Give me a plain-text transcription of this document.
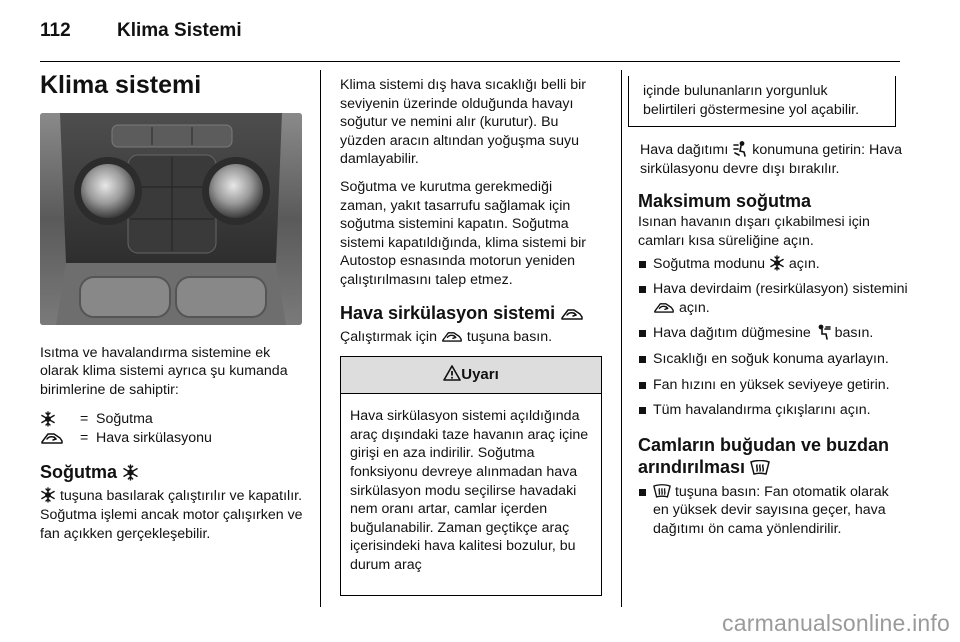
112 Klima Sistemi
Klima sistemi

Isıtma ve havalandırma sistemine ek olarak klima sistemi ayrıca şu kumanda birimlerine de sahiptir:

= Soğutma
= Hava sirkülasyonu
Soğutma

tuşuna basılarak çalıştırılır ve kapatılır. Soğutma işlemi ancak motor çalışırken ve fan açıkken gerçekleşebilir.

Klima sistemi dış hava sıcaklığı belli bir seviyenin üzerinde olduğunda havayı soğutur ve nemini alır (kurutur). Bu yüzden aracın altından yoğuşma suyu damlayabilir.

Soğutma ve kurutma gerekmediği zaman, yakıt tasarrufu sağlamak için soğutma sistemini kapatın. Soğutma sistemi kapatıldığında, klima sistemi bir Autostop esnasında motorun yeniden çalıştırılmasını talep etmez.

Hava sirkülasyon sistemi

Çalıştırmak için tuşuna basın.

Uyarı
Hava sirkülasyon sistemi açıldığında araç dışındaki taze havanın araç içine girişi en aza indirilir. Soğutma fonksiyonu devreye alınmadan hava sirkülasyon modu seçilirse havadaki nem oranı artar, camlar içerden buğulanabilir. Zaman geçtikçe araç içerisindeki hava kalitesi bozulur, bu durum araç
içinde bulunanların yorgunluk belirtileri göstermesine yol açabilir.

Hava dağıtımı konumuna getirin: Hava sirkülasyonu devre dışı bırakılır.

Maksimum soğutma

Isınan havanın dışarı çıkabilmesi için camları kısa süreliğine açın.

Soğutma modunu açın.
Hava devirdaim (resirkülasyon) sistemini  açın.
Hava dağıtım düğmesine basın.
Sıcaklığı en soğuk konuma ayarlayın.
Fan hızını en yüksek seviyeye getirin.
Tüm havalandırma çıkışlarını açın.
Camların buğudan ve buzdan arındırılması
tuşuna basın: Fan otomatik olarak en yüksek devir sayısına geçer, hava dağıtımı ön cama yönlendirilir.
carmanualsonline.info
